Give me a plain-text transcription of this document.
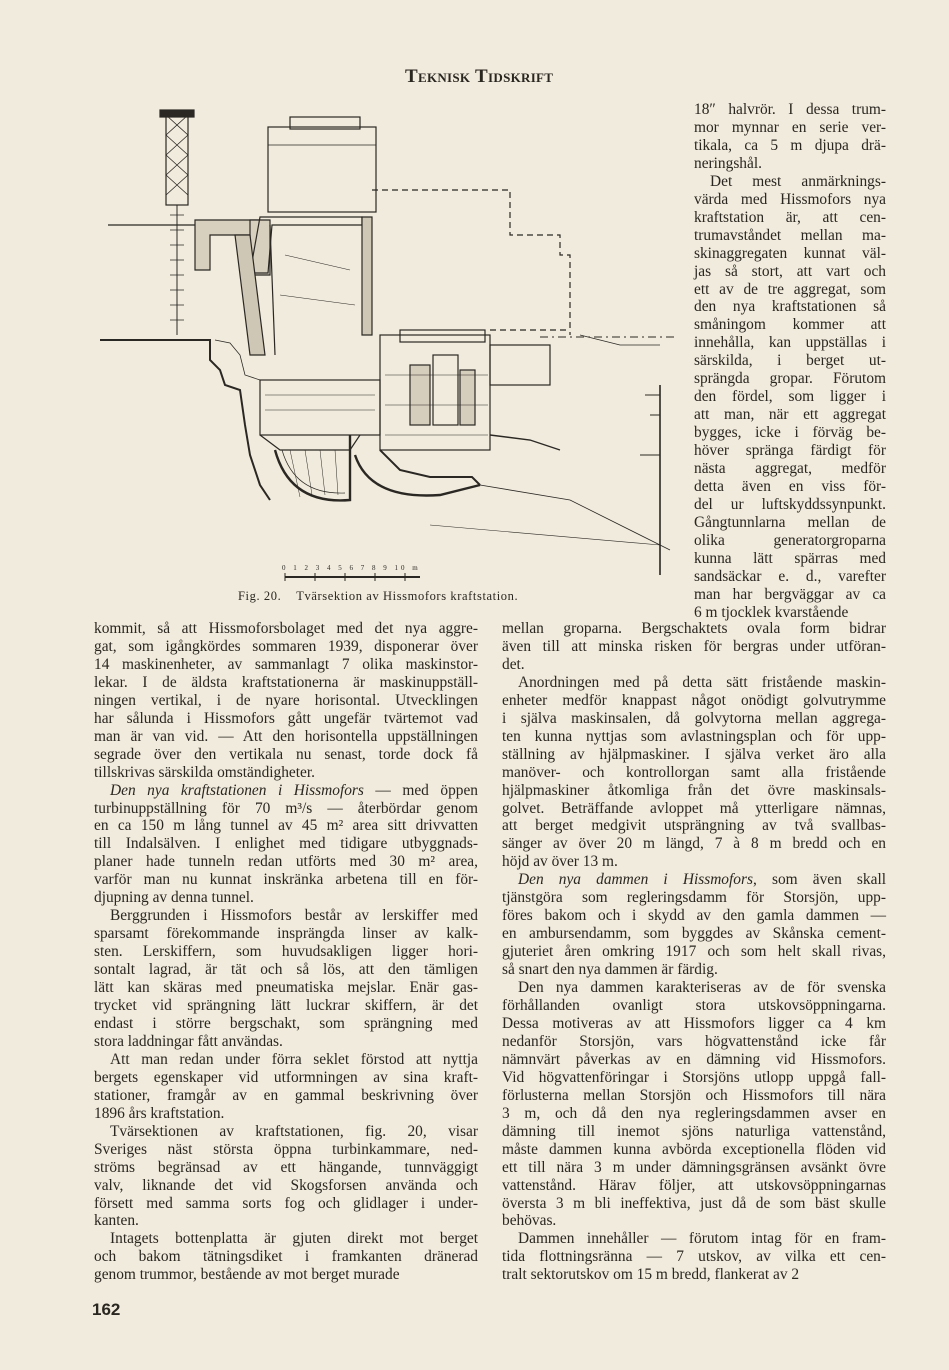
Teknisk Tidskrift
0 1 2 3 4 5 6 7 8 9 10 m
Fig. 20. Tvärsektion av Hissmofors kraftstation.
18″ halvrör. I dessa trum-
mor mynnar en serie ver-
tikala, ca 5 m djupa drä-
neringshål.
Det mest anmärknings-
värda med Hissmofors nya
kraftstation är, att cen-
trumavståndet mellan ma-
skinaggregaten kunnat väl-
jas så stort, att vart och
ett av de tre aggregat, som
den nya kraftstationen så
småningom kommer att
innehålla, kan uppställas i
särskilda, i berget ut-
sprängda gropar. Förutom
den fördel, som ligger i
att man, när ett aggregat
bygges, icke i förväg be-
höver spränga färdigt för
nästa aggregat, medför
detta även en viss för-
del ur luftskyddssynpunkt.
Gångtunnlarna mellan de
olika generatorgroparna
kunna lätt spärras med
sandsäckar e. d., varefter
man har bergväggar av ca
6 m tjocklek kvarstående
kommit, så att Hissmoforsbolaget med det nya aggre-
gat, som igångkördes sommaren 1939, disponerar över
14 maskinenheter, av sammanlagt 7 olika maskinstor-
lekar. I de äldsta kraftstationerna är maskinuppställ-
ningen vertikal, i de nyare horisontal. Utvecklingen
har sålunda i Hissmofors gått ungefär tvärtemot vad
man är van vid. — Att den horisontella uppställningen
segrade över den vertikala nu senast, torde dock få
tillskrivas särskilda omständigheter.
Den nya kraftstationen i Hissmofors — med öppen
turbinuppställning för 70 m³/s — återbördar genom
en ca 150 m lång tunnel av 45 m² area sitt drivvatten
till Indalsälven. I enlighet med tidigare utbyggnads-
planer hade tunneln redan utförts med 30 m² area,
varför man nu kunnat inskränka arbetena till en för-
djupning av denna tunnel.
Berggrunden i Hissmofors består av lerskiffer med
sparsamt förekommande insprängda linser av kalk-
sten. Lerskiffern, som huvudsakligen ligger hori-
sontalt lagrad, är tät och så lös, att den tämligen
lätt kan skäras med pneumatiska mejslar. Enär gas-
trycket vid sprängning lätt luckrar skiffern, är det
endast i större bergschakt, som sprängning med
stora laddningar fått användas.
Att man redan under förra seklet förstod att nyttja
bergets egenskaper vid utformningen av sina kraft-
stationer, framgår av en gammal beskrivning över
1896 års kraftstation.
Tvärsektionen av kraftstationen, fig. 20, visar
Sveriges näst största öppna turbinkammare, ned-
ströms begränsad av ett hängande, tunnväggigt
valv, liknande det vid Skogsforsen använda och
försett med samma sorts fog och glidlager i under-
kanten.
Intagets bottenplatta är gjuten direkt mot berget
och bakom tätningsdiket i framkanten dränerad
genom trummor, bestående av mot berget murade
mellan groparna. Bergschaktets ovala form bidrar
även till att minska risken för bergras under utföran-
det.
Anordningen med på detta sätt fristående maskin-
enheter medför knappast något onödigt golvutrymme
i själva maskinsalen, då golvytorna mellan aggrega-
ten kunna nyttjas som avlastningsplan och för upp-
ställning av hjälpmaskiner. I själva verket äro alla
manöver- och kontrollorgan samt alla fristående
hjälpmaskiner åtkomliga från det övre maskinsals-
golvet. Beträffande avloppet må ytterligare nämnas,
att berget medgivit utsprängning av två svallbas-
sänger av över 20 m längd, 7 à 8 m bredd och en
höjd av över 13 m.
Den nya dammen i Hissmofors, som även skall
tjänstgöra som regleringsdamm för Storsjön, upp-
föres bakom och i skydd av den gamla dammen —
en ambursendamm, som byggdes av Skånska cement-
gjuteriet åren omkring 1917 och som helt skall rivas,
så snart den nya dammen är färdig.
Den nya dammen karakteriseras av de för svenska
förhållanden ovanligt stora utskovsöppningarna.
Dessa motiveras av att Hissmofors ligger ca 4 km
nedanför Storsjön, vars högvattenstånd icke får
nämnvärt påverkas av en dämning vid Hissmofors.
Vid högvattenföringar i Storsjöns utlopp uppgå fall-
förlusterna mellan Storsjön och Hissmofors till nära
3 m, och då den nya regleringsdammen avser en
dämning till inemot sjöns naturliga vattenstånd,
måste dammen kunna avbörda exceptionella flöden vid
ett till nära 3 m under dämningsgränsen avsänkt övre
vattenstånd. Härav följer, att utskovsöppningarnas
översta 3 m bli ineffektiva, just då de som bäst skulle
behövas.
Dammen innehåller — förutom intag för en fram-
tida flottningsränna — 7 utskov, av vilka ett cen-
tralt sektorutskov om 15 m bredd, flankerat av 2
162
